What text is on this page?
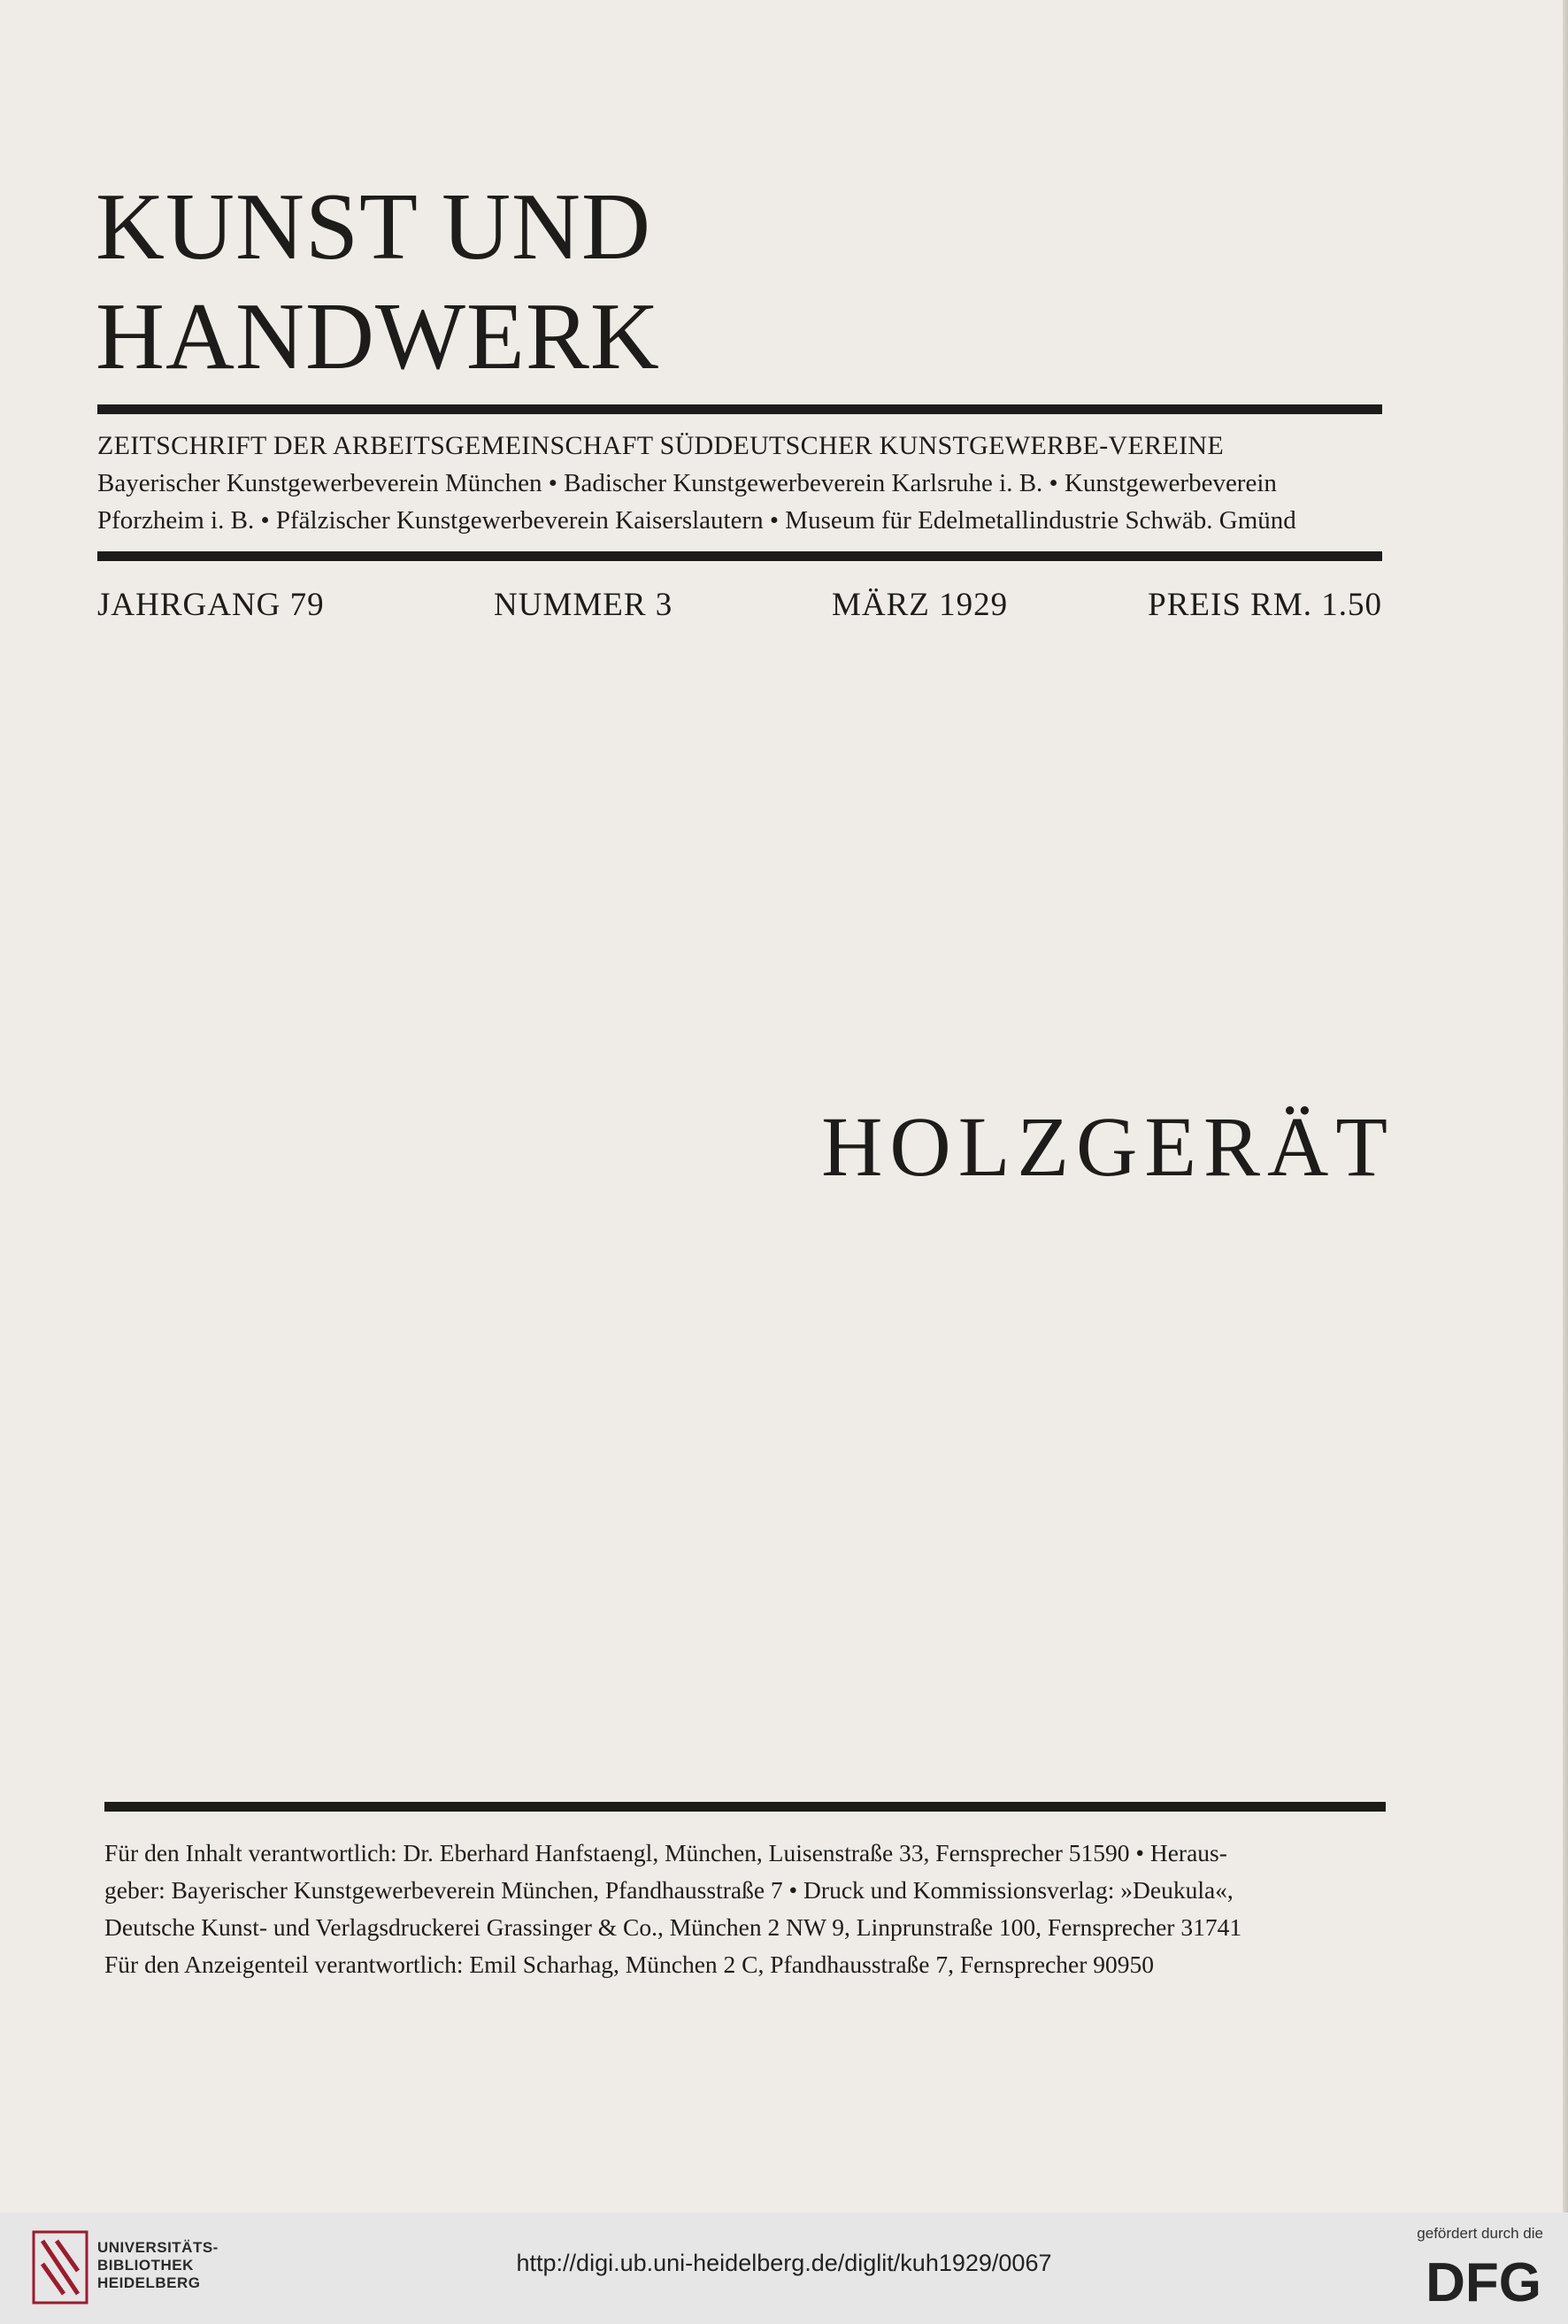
KUNST UND
HANDWERK
ZEITSCHRIFT DER ARBEITSGEMEINSCHAFT SÜDDEUTSCHER KUNSTGEWERBE-VEREINE
Bayerischer Kunstgewerbeverein München • Badischer Kunstgewerbeverein Karlsruhe i. B. • Kunstgewerbeverein
Pforzheim i. B. • Pfälzischer Kunstgewerbeverein Kaiserslautern • Museum für Edelmetallindustrie Schwäb. Gmünd
JAHRGANG 79	NUMMER 3	MÄRZ 1929	PREIS RM. 1.50
HOLZGERÄT
Für den Inhalt verantwortlich: Dr. Eberhard Hanfstaengl, München, Luisenstraße 33, Fernsprecher 51590 • Heraus-
geber: Bayerischer Kunstgewerbeverein München, Pfandhausstraße 7 • Druck und Kommissionsverlag: »Deukula«,
Deutsche Kunst- und Verlagsdruckerei Grassinger & Co., München 2 NW 9, Linprunstraße 100, Fernsprecher 31741
Für den Anzeigenteil verantwortlich: Emil Scharhag, München 2 C, Pfandhausstraße 7, Fernsprecher 90950
UNIVERSITÄTS-
BIBLIOTHEK
HEIDELBERG
http://digi.ub.uni-heidelberg.de/diglit/kuh1929/0067
gefördert durch die
DFG
